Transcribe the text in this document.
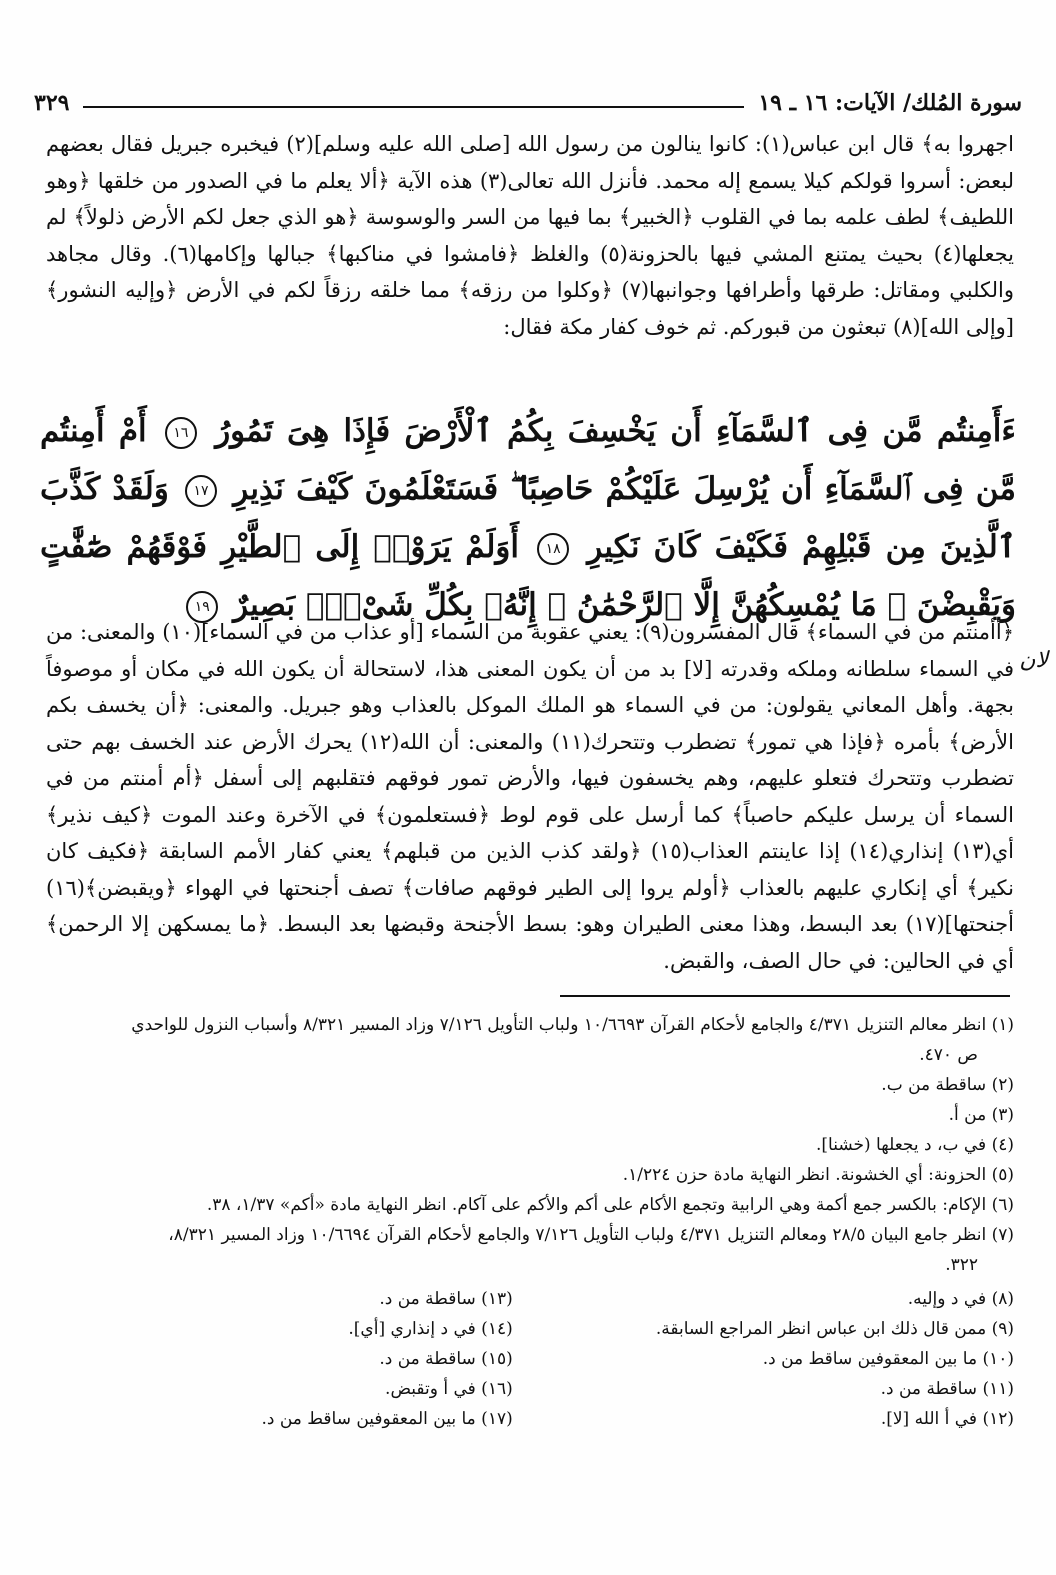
سورة المُلك/ الآيات: ١٦ ـ ١٩
٣٢٩

اجهروا به﴾ قال ابن عباس(١): كانوا ينالون من رسول الله [صلى الله عليه وسلم](٢) فيخبره جبريل فقال بعضهم لبعض: أسروا قولكم كيلا يسمع إله محمد. فأنزل الله تعالى(٣) هذه الآية ﴿ألا يعلم ما في الصدور من خلقها ﴿وهو اللطيف﴾ لطف علمه بما في القلوب ﴿الخبير﴾ بما فيها من السر والوسوسة ﴿هو الذي جعل لكم الأرض ذلولاً﴾ لم يجعلها(٤) بحيث يمتنع المشي فيها بالحزونة(٥) والغلظ ﴿فامشوا في مناكبها﴾ جبالها وإكامها(٦). وقال مجاهد والكلبي ومقاتل: طرقها وأطرافها وجوانبها(٧) ﴿وكلوا من رزقه﴾ مما خلقه رزقاً لكم في الأرض ﴿وإليه النشور﴾ [وإلى الله](٨) تبعثون من قبوركم. ثم خوف كفار مكة فقال:

ءَأَمِنتُم مَّن فِى ٱلسَّمَآءِ أَن يَخْسِفَ بِكُمُ ٱلْأَرْضَ فَإِذَا هِىَ تَمُورُ ١٦ أَمْ أَمِنتُم مَّن فِى ٱلسَّمَآءِ أَن يُرْسِلَ عَلَيْكُمْ حَاصِبًا ۖ فَسَتَعْلَمُونَ كَيْفَ نَذِيرِ ١٧ وَلَقَدْ كَذَّبَ ٱلَّذِينَ مِن قَبْلِهِمْ فَكَيْفَ كَانَ نَكِيرِ ١٨ أَوَلَمْ يَرَوْا۟ إِلَى ٱلطَّيْرِ فَوْقَهُمْ صَٰٓفَّٰتٍ وَيَقْبِضْنَ ۚ مَا يُمْسِكُهُنَّ إِلَّا ٱلرَّحْمَٰنُ ۚ إِنَّهُۥ بِكُلِّ شَىْءٍۭ بَصِيرٌ ١٩

﴿أأمنتم من في السماء﴾ قال المفسرون(٩): يعني عقوبة من السماء [أو عذاب من في السماء](١٠) والمعنى: من في السماء سلطانه وملكه وقدرته [لا] بد من أن يكون المعنى هذا، لاستحالة أن يكون الله في مكان أو موصوفاً بجهة. وأهل المعاني يقولون: من في السماء هو الملك الموكل بالعذاب وهو جبريل. والمعنى: ﴿أن يخسف بكم الأرض﴾ بأمره ﴿فإذا هي تمور﴾ تضطرب وتتحرك(١١) والمعنى: أن الله(١٢) يحرك الأرض عند الخسف بهم حتى تضطرب وتتحرك فتعلو عليهم، وهم يخسفون فيها، والأرض تمور فوقهم فتقلبهم إلى أسفل ﴿أم أمنتم من في السماء أن يرسل عليكم حاصباً﴾ كما أرسل على قوم لوط ﴿فستعلمون﴾ في الآخرة وعند الموت ﴿كيف نذير﴾ أي(١٣) إنذاري(١٤) إذا عاينتم العذاب(١٥) ﴿ولقد كذب الذين من قبلهم﴾ يعني كفار الأمم السابقة ﴿فكيف كان نكير﴾ أي إنكاري عليهم بالعذاب ﴿أولم يروا إلى الطير فوقهم صافات﴾ تصف أجنحتها في الهواء ﴿ويقبضن﴾(١٦) أجنحتها](١٧) بعد البسط، وهذا معنى الطيران وهو: بسط الأجنحة وقبضها بعد البسط. ﴿ما يمسكهن إلا الرحمن﴾ أي في الحالين: في حال الصف، والقبض.

لان

(١) انظر معالم التنزيل ٤/٣٧١ والجامع لأحكام القرآن ١٠/٦٦٩٣ ولباب التأويل ٧/١٢٦ وزاد المسير ٨/٣٢١ وأسباب النزول للواحدي

ص ٤٧٠.

(٢) ساقطة من ب.

(٣) من أ.

(٤) في ب، د يجعلها (خشنا].

(٥) الحزونة: أي الخشونة. انظر النهاية مادة حزن ١/٢٢٤.

(٦) الإكام: بالكسر جمع أكمة وهي الرابية وتجمع الأكام على أكم والأكم على آكام. انظر النهاية مادة «أكم» ١/٣٧، ٣٨.

(٧) انظر جامع البيان ٢٨/٥ ومعالم التنزيل ٤/٣٧١ ولباب التأويل ٧/١٢٦ والجامع لأحكام القرآن ١٠/٦٦٩٤ وزاد المسير ٨/٣٢١،

٣٢٢.

(٨) في د وإليه.

(٩) ممن قال ذلك ابن عباس انظر المراجع السابقة.

(١٠) ما بين المعقوفين ساقط من د.

(١١) ساقطة من د.

(١٢) في أ الله [لا].

(١٣) ساقطة من د.

(١٤) في د إنذاري [أي].

(١٥) ساقطة من د.

(١٦) في أ وتقبض.

(١٧) ما بين المعقوفين ساقط من د.
